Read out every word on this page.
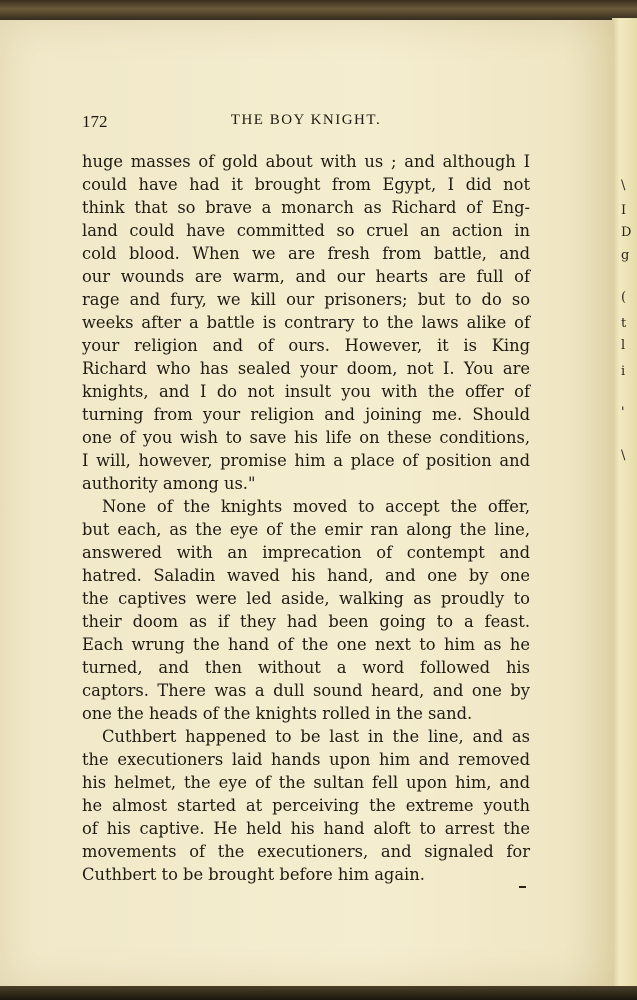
\
I
D
g
(
t
l
i
'
\
172	THE BOY KNIGHT.
huge masses of gold about with us ; and although I
could have had it brought from Egypt, I did not
think that so brave a monarch as Richard of Eng-
land could have committed so cruel an action in
cold blood. When we are fresh from battle, and
our wounds are warm, and our hearts are full of
rage and fury, we kill our prisoners; but to do so
weeks after a battle is contrary to the laws alike of
your religion and of ours. However, it is King
Richard who has sealed your doom, not I. You are
knights, and I do not insult you with the offer of
turning from your religion and joining me. Should
one of you wish to save his life on these conditions,
I will, however, promise him a place of position and
authority among us."
None of the knights moved to accept the offer,
but each, as the eye of the emir ran along the line,
answered with an imprecation of contempt and
hatred. Saladin waved his hand, and one by one
the captives were led aside, walking as proudly to
their doom as if they had been going to a feast.
Each wrung the hand of the one next to him as he
turned, and then without a word followed his
captors. There was a dull sound heard, and one by
one the heads of the knights rolled in the sand.
Cuthbert happened to be last in the line, and as
the executioners laid hands upon him and removed
his helmet, the eye of the sultan fell upon him, and
he almost started at perceiving the extreme youth
of his captive. He held his hand aloft to arrest the
movements of the executioners, and signaled for
Cuthbert to be brought before him again.
